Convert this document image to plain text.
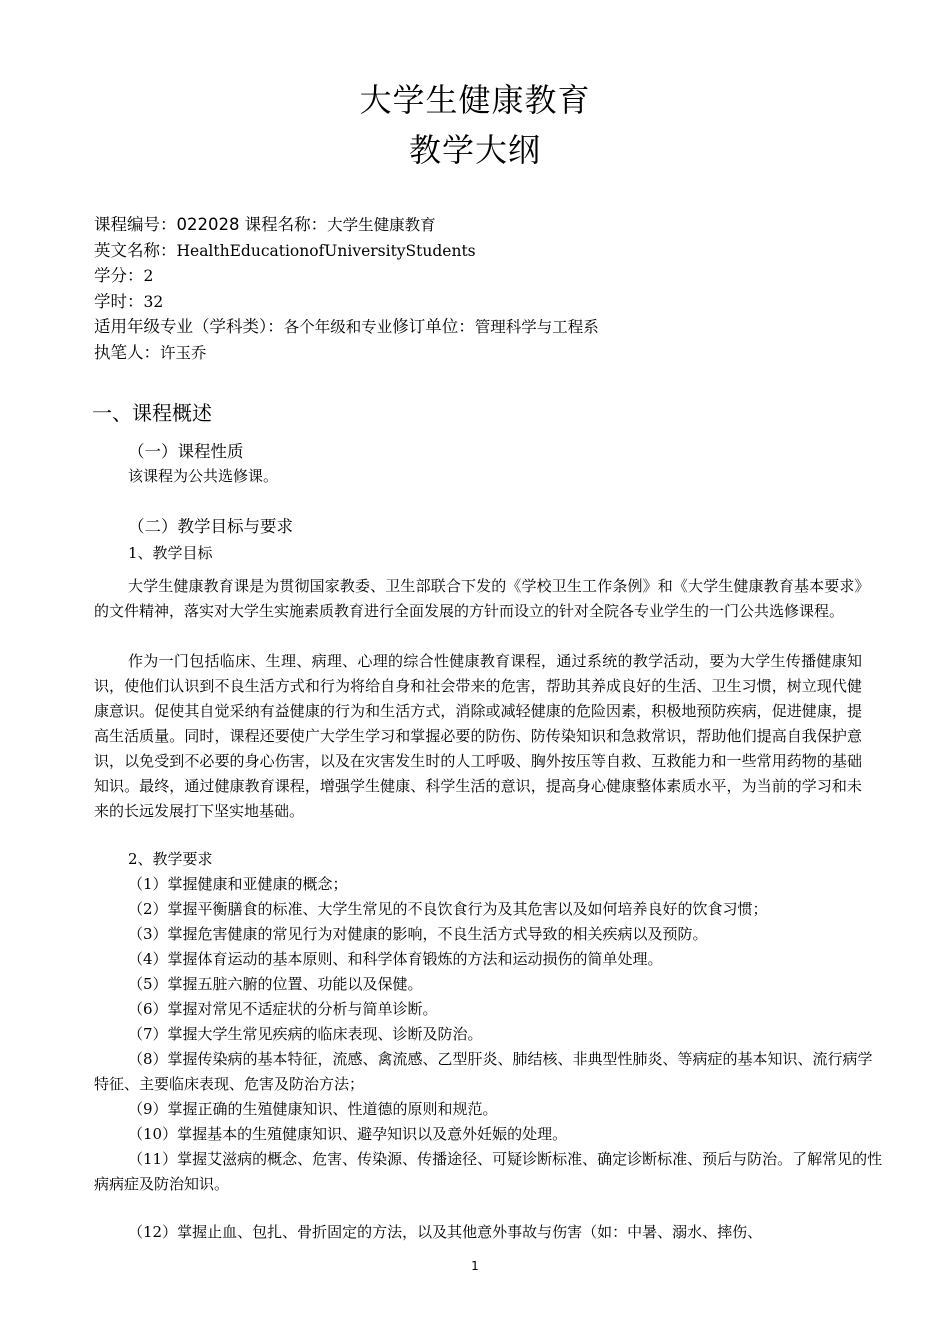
大学生健康教育
教学大纲
课程编号：022028 课程名称：大学生健康教育
英文名称：HealthEducationofUniversityStudents
学分：2
学时：32
适用年级专业（学科类）：各个年级和专业修订单位：管理科学与工程系
执笔人：许玉乔
一、课程概述
（一）课程性质
该课程为公共选修课。
（二）教学目标与要求
1、教学目标
大学生健康教育课是为贯彻国家教委、卫生部联合下发的《学校卫生工作条例》和《大学生健康教育基本要求》的文件精神，落实对大学生实施素质教育进行全面发展的方针而设立的针对全院各专业学生的一门公共选修课程。
作为一门包括临床、生理、病理、心理的综合性健康教育课程，通过系统的教学活动，要为大学生传播健康知识，使他们认识到不良生活方式和行为将给自身和社会带来的危害，帮助其养成良好的生活、卫生习惯，树立现代健康意识。促使其自觉采纳有益健康的行为和生活方式，消除或减轻健康的危险因素，积极地预防疾病，促进健康，提高生活质量。同时，课程还要使广大学生学习和掌握必要的防伤、防传染知识和急救常识，帮助他们提高自我保护意识，以免受到不必要的身心伤害，以及在灾害发生时的人工呼吸、胸外按压等自救、互救能力和一些常用药物的基础知识。最终，通过健康教育课程，增强学生健康、科学生活的意识，提高身心健康整体素质水平，为当前的学习和未来的长远发展打下坚实地基础。
2、教学要求
（1）掌握健康和亚健康的概念；
（2）掌握平衡膳食的标准、大学生常见的不良饮食行为及其危害以及如何培养良好的饮食习惯；
（3）掌握危害健康的常见行为对健康的影响，不良生活方式导致的相关疾病以及预防。
（4）掌握体育运动的基本原则、和科学体育锻炼的方法和运动损伤的简单处理。
（5）掌握五脏六腑的位置、功能以及保健。
（6）掌握对常见不适症状的分析与简单诊断。
（7）掌握大学生常见疾病的临床表现、诊断及防治。
（8）掌握传染病的基本特征，流感、禽流感、乙型肝炎、肺结核、非典型性肺炎、等病症的基本知识、流行病学特征、主要临床表现、危害及防治方法；
（9）掌握正确的生殖健康知识、性道德的原则和规范。
（10）掌握基本的生殖健康知识、避孕知识以及意外妊娠的处理。
（11）掌握艾滋病的概念、危害、传染源、传播途径、可疑诊断标准、确定诊断标准、预后与防治。了解常见的性病病症及防治知识。
（12）掌握止血、包扎、骨折固定的方法，以及其他意外事故与伤害（如：中暑、溺水、摔伤、
1
